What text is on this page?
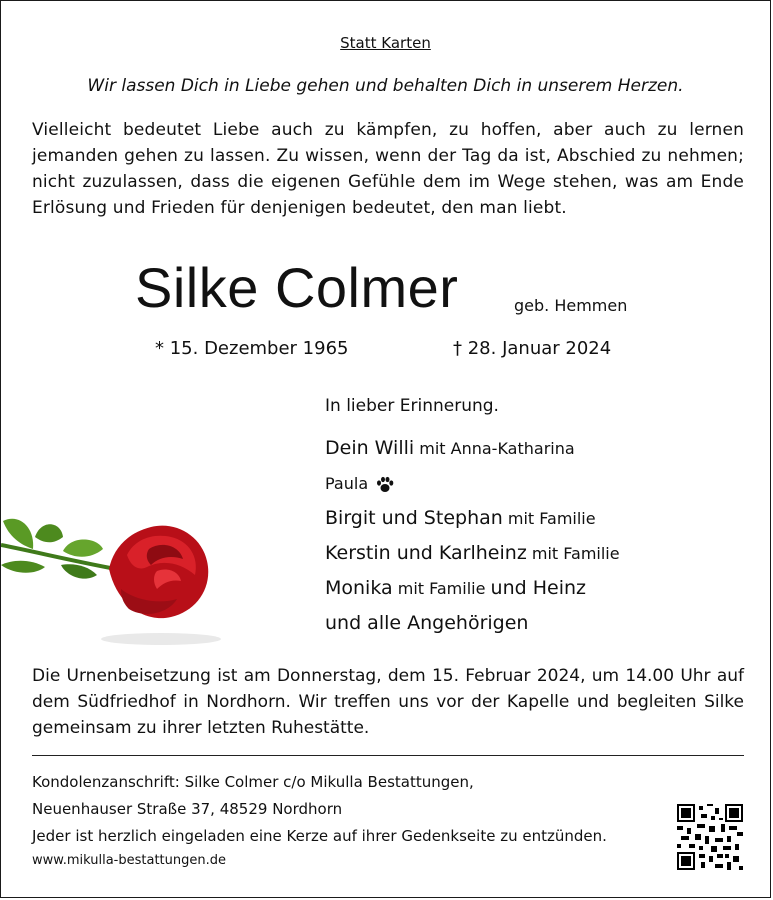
Statt Karten
Wir lassen Dich in Liebe gehen und behalten Dich in unserem Herzen.
Vielleicht bedeutet Liebe auch zu kämpfen, zu hoffen, aber auch zu lernen jemanden gehen zu lassen. Zu wissen, wenn der Tag da ist, Abschied zu nehmen; nicht zuzulassen, dass die eigenen Gefühle dem im Wege stehen, was am Ende Erlösung und Frieden für denjenigen bedeutet, den man liebt.
Silke Colmer	geb. Hemmen
* 15. Dezember 1965	† 28. Januar 2024
In lieber Erinnerung.
Dein Willi mit Anna-Katharina
Paula
Birgit und Stephan mit Familie
Kerstin und Karlheinz mit Familie
Monika mit Familie und Heinz
und alle Angehörigen
Die Urnenbeisetzung ist am Donnerstag, dem 15. Februar 2024, um 14.00 Uhr auf dem Südfriedhof in Nordhorn. Wir treffen uns vor der Kapelle und begleiten Silke gemeinsam zu ihrer letzten Ruhestätte.
Kondolenzanschrift: Silke Colmer c/o Mikulla Bestattungen,
Neuenhauser Straße 37, 48529 Nordhorn
Jeder ist herzlich eingeladen eine Kerze auf ihrer Gedenkseite zu entzünden.
www.mikulla-bestattungen.de
